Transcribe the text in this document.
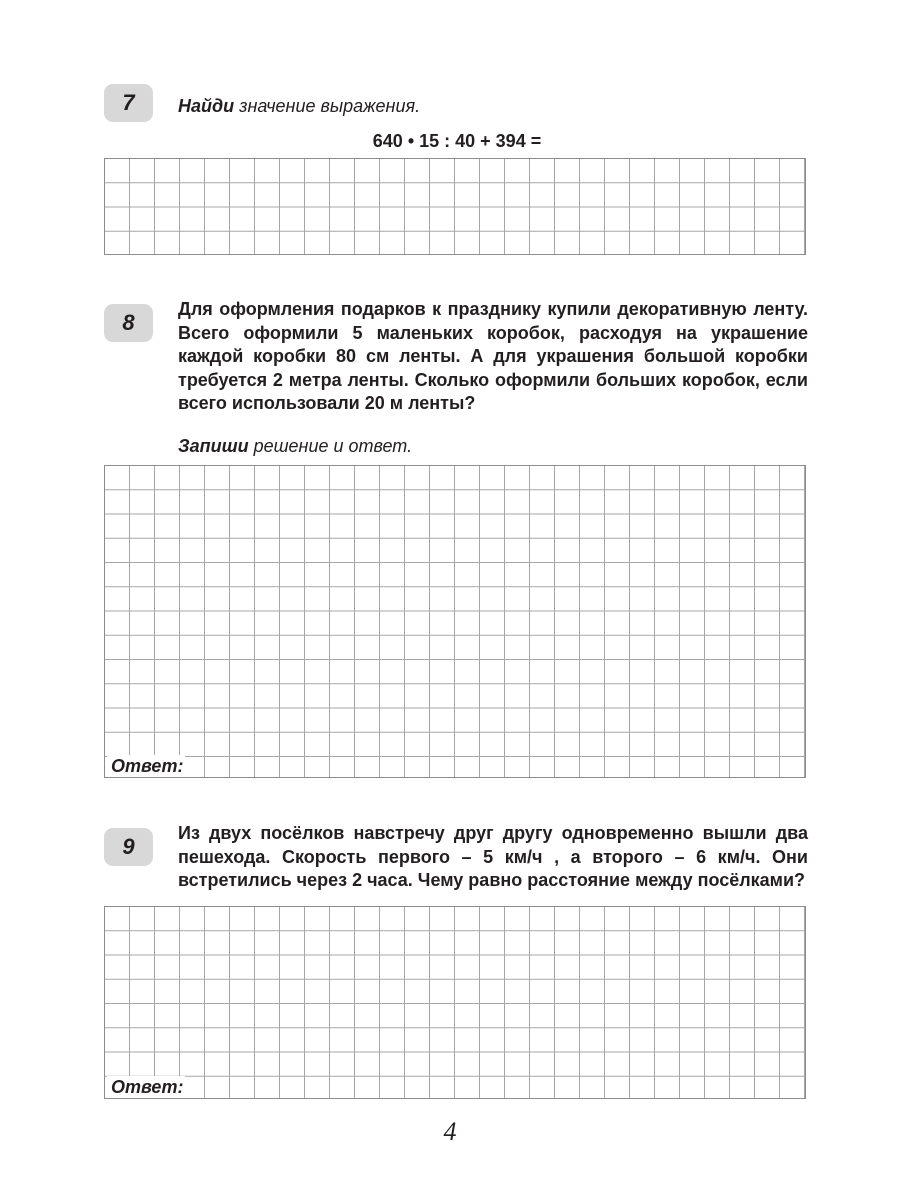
7	Найди значение выражения.
640 • 15 : 40 + 394 =
8
Для оформления подарков к празднику купили декоративную ленту. Всего оформили 5 маленьких коробок, расходуя на украшение каждой коробки 80 см ленты. А для украшения большой коробки требуется 2 метра ленты. Сколько оформили больших коробок, если всего использовали 20 м ленты?
Запиши решение и ответ.
Ответ:
9
Из двух посёлков навстречу друг другу одновременно вышли два пешехода. Скорость первого – 5 км/ч , а второго – 6 км/ч. Они встретились через 2 часа. Чему равно расстояние между посёлками?
Ответ:
4
